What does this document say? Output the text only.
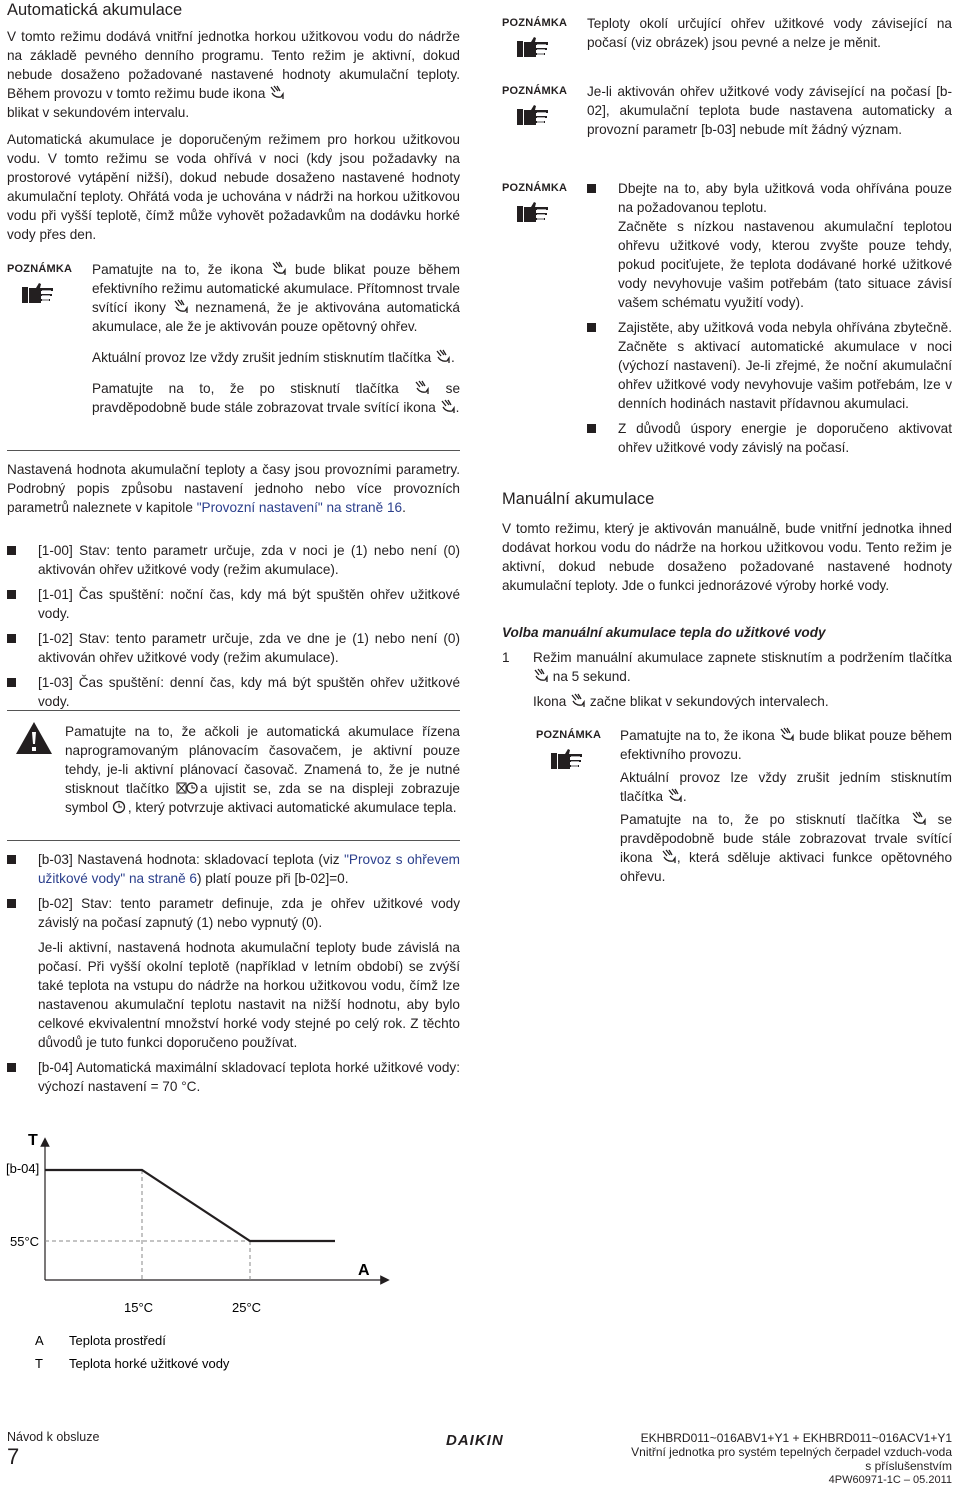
Automatická akumulace

V tomto režimu dodává vnitřní jednotka horkou užitkovou vodu do nádrže na základě pevného denního programu. Tento režim je aktivní, dokud nebude dosaženo požadované nastavené hodnoty akumulační teploty. Během provozu v tomto režimu bude ikona
blikat v sekundovém intervalu.

Automatická akumulace je doporučeným režimem pro horkou užitkovou vodu. V tomto režimu se voda ohřívá v noci (kdy jsou požadavky na prostorové vytápění nižší), dokud nebude dosaženo nastavené hodnoty akumulační teploty. Ohřátá voda je uchována v nádrži na horkou užitkovou vodu při vyšší teplotě, čímž může vyhovět požadavkům na dodávku horké vody přes den.

POZNÁMKA	Pamatujte na to, že ikona bude blikat pouze během efektivního režimu automatické akumulace. Přítomnost trvale svítící ikony neznamená, že je aktivována automatická akumulace, ale že je aktivován pouze opětovný ohřev.

Aktuální provoz lze vždy zrušit jedním stisknutím tlačítka .

Pamatujte na to, že po stisknutí tlačítka	se pravděpodobně bude stále zobrazovat trvale svítící ikona .

Nastavená hodnota akumulační teploty a časy jsou provozními parametry. Podrobný popis způsobu nastavení jednoho nebo více provozních parametrů naleznete v kapitole "Provozní nastavení" na straně 16.

[1-00] Stav: tento parametr určuje, zda v noci je (1) nebo není (0) aktivován ohřev užitkové vody (režim akumulace).
[1-01] Čas spuštění: noční čas, kdy má být spuštěn ohřev užitkové vody.
[1-02] Stav: tento parametr určuje, zda ve dne je (1) nebo není (0) aktivován ohřev užitkové vody (režim akumulace).
[1-03] Čas spuštění: denní čas, kdy má být spuštěn ohřev užitkové vody.

Pamatujte na to, že ačkoli je automatická akumulace řízena naprogramovaným plánovacím časovačem, je aktivní pouze tehdy, je-li aktivní plánovací časovač. Znamená to, že je nutné stisknout tlačítko a ujistit se, zda se na displeji zobrazuje symbol , který potvrzuje aktivaci automatické akumulace tepla.

[b-03] Nastavená hodnota: skladovací teplota (viz "Provoz s ohřevem užitkové vody" na straně 6) platí pouze při [b-02]=0.
[b-02] Stav: tento parametr definuje, zda je ohřev užitkové vody závislý na počasí zapnutý (1) nebo vypnutý (0).
Je-li aktivní, nastavená hodnota akumulační teploty bude závislá na počasí. Při vyšší okolní teplotě (například v letním období) se zvýší také teplota na vstupu do nádrže na horkou užitkovou vodu, čímž lze nastavenou akumulační teplotu nastavit na nižší hodnotu, aby bylo celkové ekvivalentní množství horké vody stejné po celý rok. Z těchto důvodů je tuto funkci doporučeno používat.
[b-04] Automatická maximální skladovací teplota horké užitkové vody: výchozí nastavení = 70 °C.
T
A
[b-04]
55°C
15°C	25°C
A Teplota prostředí
T Teplota horké užitkové vody
POZNÁMKA	Teploty okolí určující ohřev užitkové vody závisející na počasí (viz obrázek) jsou pevné a nelze je měnit.

POZNÁMKA	Je-li aktivován ohřev užitkové vody závisející na počasí [b-02], akumulační teplota bude nastavena automaticky a provozní parametr [b-03] nebude mít žádný význam.

POZNÁMKA	Dbejte na to, aby byla užitková voda ohřívána pouze na požadovanou teplotu.
Začněte s nízkou nastavenou akumulační teplotou ohřevu užitkové vody, kterou zvyšte pouze tehdy, pokud pociťujete, že teplota dodávané horké užitkové vody nevyhovuje vašim potřebám (tato situace závisí vašem schématu využití vody).
Zajistěte, aby užitková voda nebyla ohřívána zbytečně. Začněte s aktivací automatické akumulace v noci (výchozí nastavení). Je-li zřejmé, že noční akumulační ohřev užitkové vody nevyhovuje vašim potřebám, lze v denních hodinách nastavit přídavnou akumulaci.
Z důvodů úspory energie je doporučeno aktivovat ohřev užitkové vody závislý na počasí.
Manuální akumulace

V tomto režimu, který je aktivován manuálně, bude vnitřní jednotka ihned dodávat horkou vodu do nádrže na horkou užitkovou vodu. Tento režim je aktivní, dokud nebude dosaženo požadované nastavené hodnoty akumulační teploty. Jde o funkci jednorázové výroby horké vody.

Volba manuální akumulace tepla do užitkové vody

1 Režim manuální akumulace zapnete stisknutím a podržením tlačítka  na 5 sekund.

Ikona začne blikat v sekundových intervalech.

POZNÁMKA	Pamatujte na to, že ikona bude blikat pouze během efektivního provozu.

Aktuální provoz lze vždy zrušit jedním stisknutím tlačítka .

Pamatujte na to, že po stisknutí tlačítka	se pravděpodobně bude stále zobrazovat trvale svítící ikona , která sděluje aktivaci funkce opětovného ohřevu.

Návod k obsluze
7
DAIKIN	EKHBRD011~016ABV1+Y1 + EKHBRD011~016ACV1+Y1
Vnitřní jednotka pro systém tepelných čerpadel vzduch-voda
s příslušenstvím
4PW60971-1C – 05.2011
